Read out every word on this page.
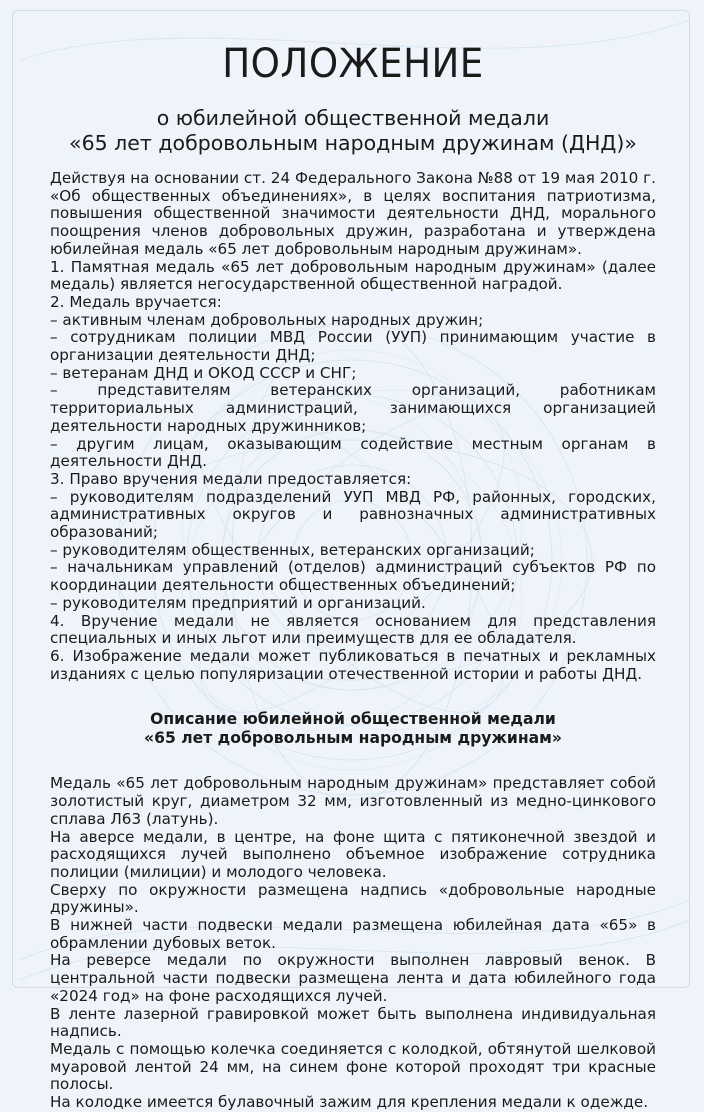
ПОЛОЖЕНИЕ
о юбилейной общественной медали
«65 лет добровольным народным дружинам (ДНД)»

Действуя на основании ст. 24 Федерального Закона №88 от 19 мая 2010 г. «Об общественных объединениях», в целях воспитания патриотизма, повышения общественной значимости деятельности ДНД, морального поощрения членов добровольных дружин, разработана и утверждена юбилейная медаль «65 лет добровольным народным дружинам».

1. Памятная медаль «65 лет добровольным народным дружинам» (далее медаль) является негосударственной общественной наградой.

2. Медаль вручается:

– активным членам добровольных народных дружин;

– сотрудникам полиции МВД России (УУП) принимающим участие в организации деятельности ДНД;

– ветеранам ДНД и ОКОД СССР и СНГ;

– представителям ветеранских организаций, работникам территориальных администраций, занимающихся организацией деятельности народных дружинников;

– другим лицам, оказывающим содействие местным органам в деятельности ДНД.

3. Право вручения медали предоставляется:

– руководителям подразделений УУП МВД РФ, районных, городских, административных округов и равнозначных административных образований;

– руководителям общественных, ветеранских организаций;

– начальникам управлений (отделов) администраций субъектов РФ по координации деятельности общественных объединений;

– руководителям предприятий и организаций.

4. Вручение медали не является основанием для представления специальных и иных льгот или преимуществ для ее обладателя.

6. Изображение медали может публиковаться в печатных и рекламных изданиях с целью популяризации отечественной истории и работы ДНД.

Описание юбилейной общественной медали
«65 лет добровольным народным дружинам»

Медаль «65 лет добровольным народным дружинам» представляет собой золотистый круг, диаметром 32 мм, изготовленный из медно-цинкового сплава Л63 (латунь).

На аверсе медали, в центре, на фоне щита с пятиконечной звездой и расходящихся лучей выполнено объемное изображение сотрудника полиции (милиции) и молодого человека.

Сверху по окружности размещена надпись «добровольные народные дружины».

В нижней части подвески медали размещена юбилейная дата «65» в обрамлении дубовых веток.

На реверсе медали по окружности выполнен лавровый венок. В центральной части подвески размещена лента и дата юбилейного года «2024 год» на фоне расходящихся лучей.

В ленте лазерной гравировкой может быть выполнена индивидуальная надпись.

Медаль с помощью колечка соединяется с колодкой, обтянутой шелковой муаровой лентой 24 мм, на синем фоне которой проходят три красные полосы.

На колодке имеется булавочный зажим для крепления медали к одежде.
